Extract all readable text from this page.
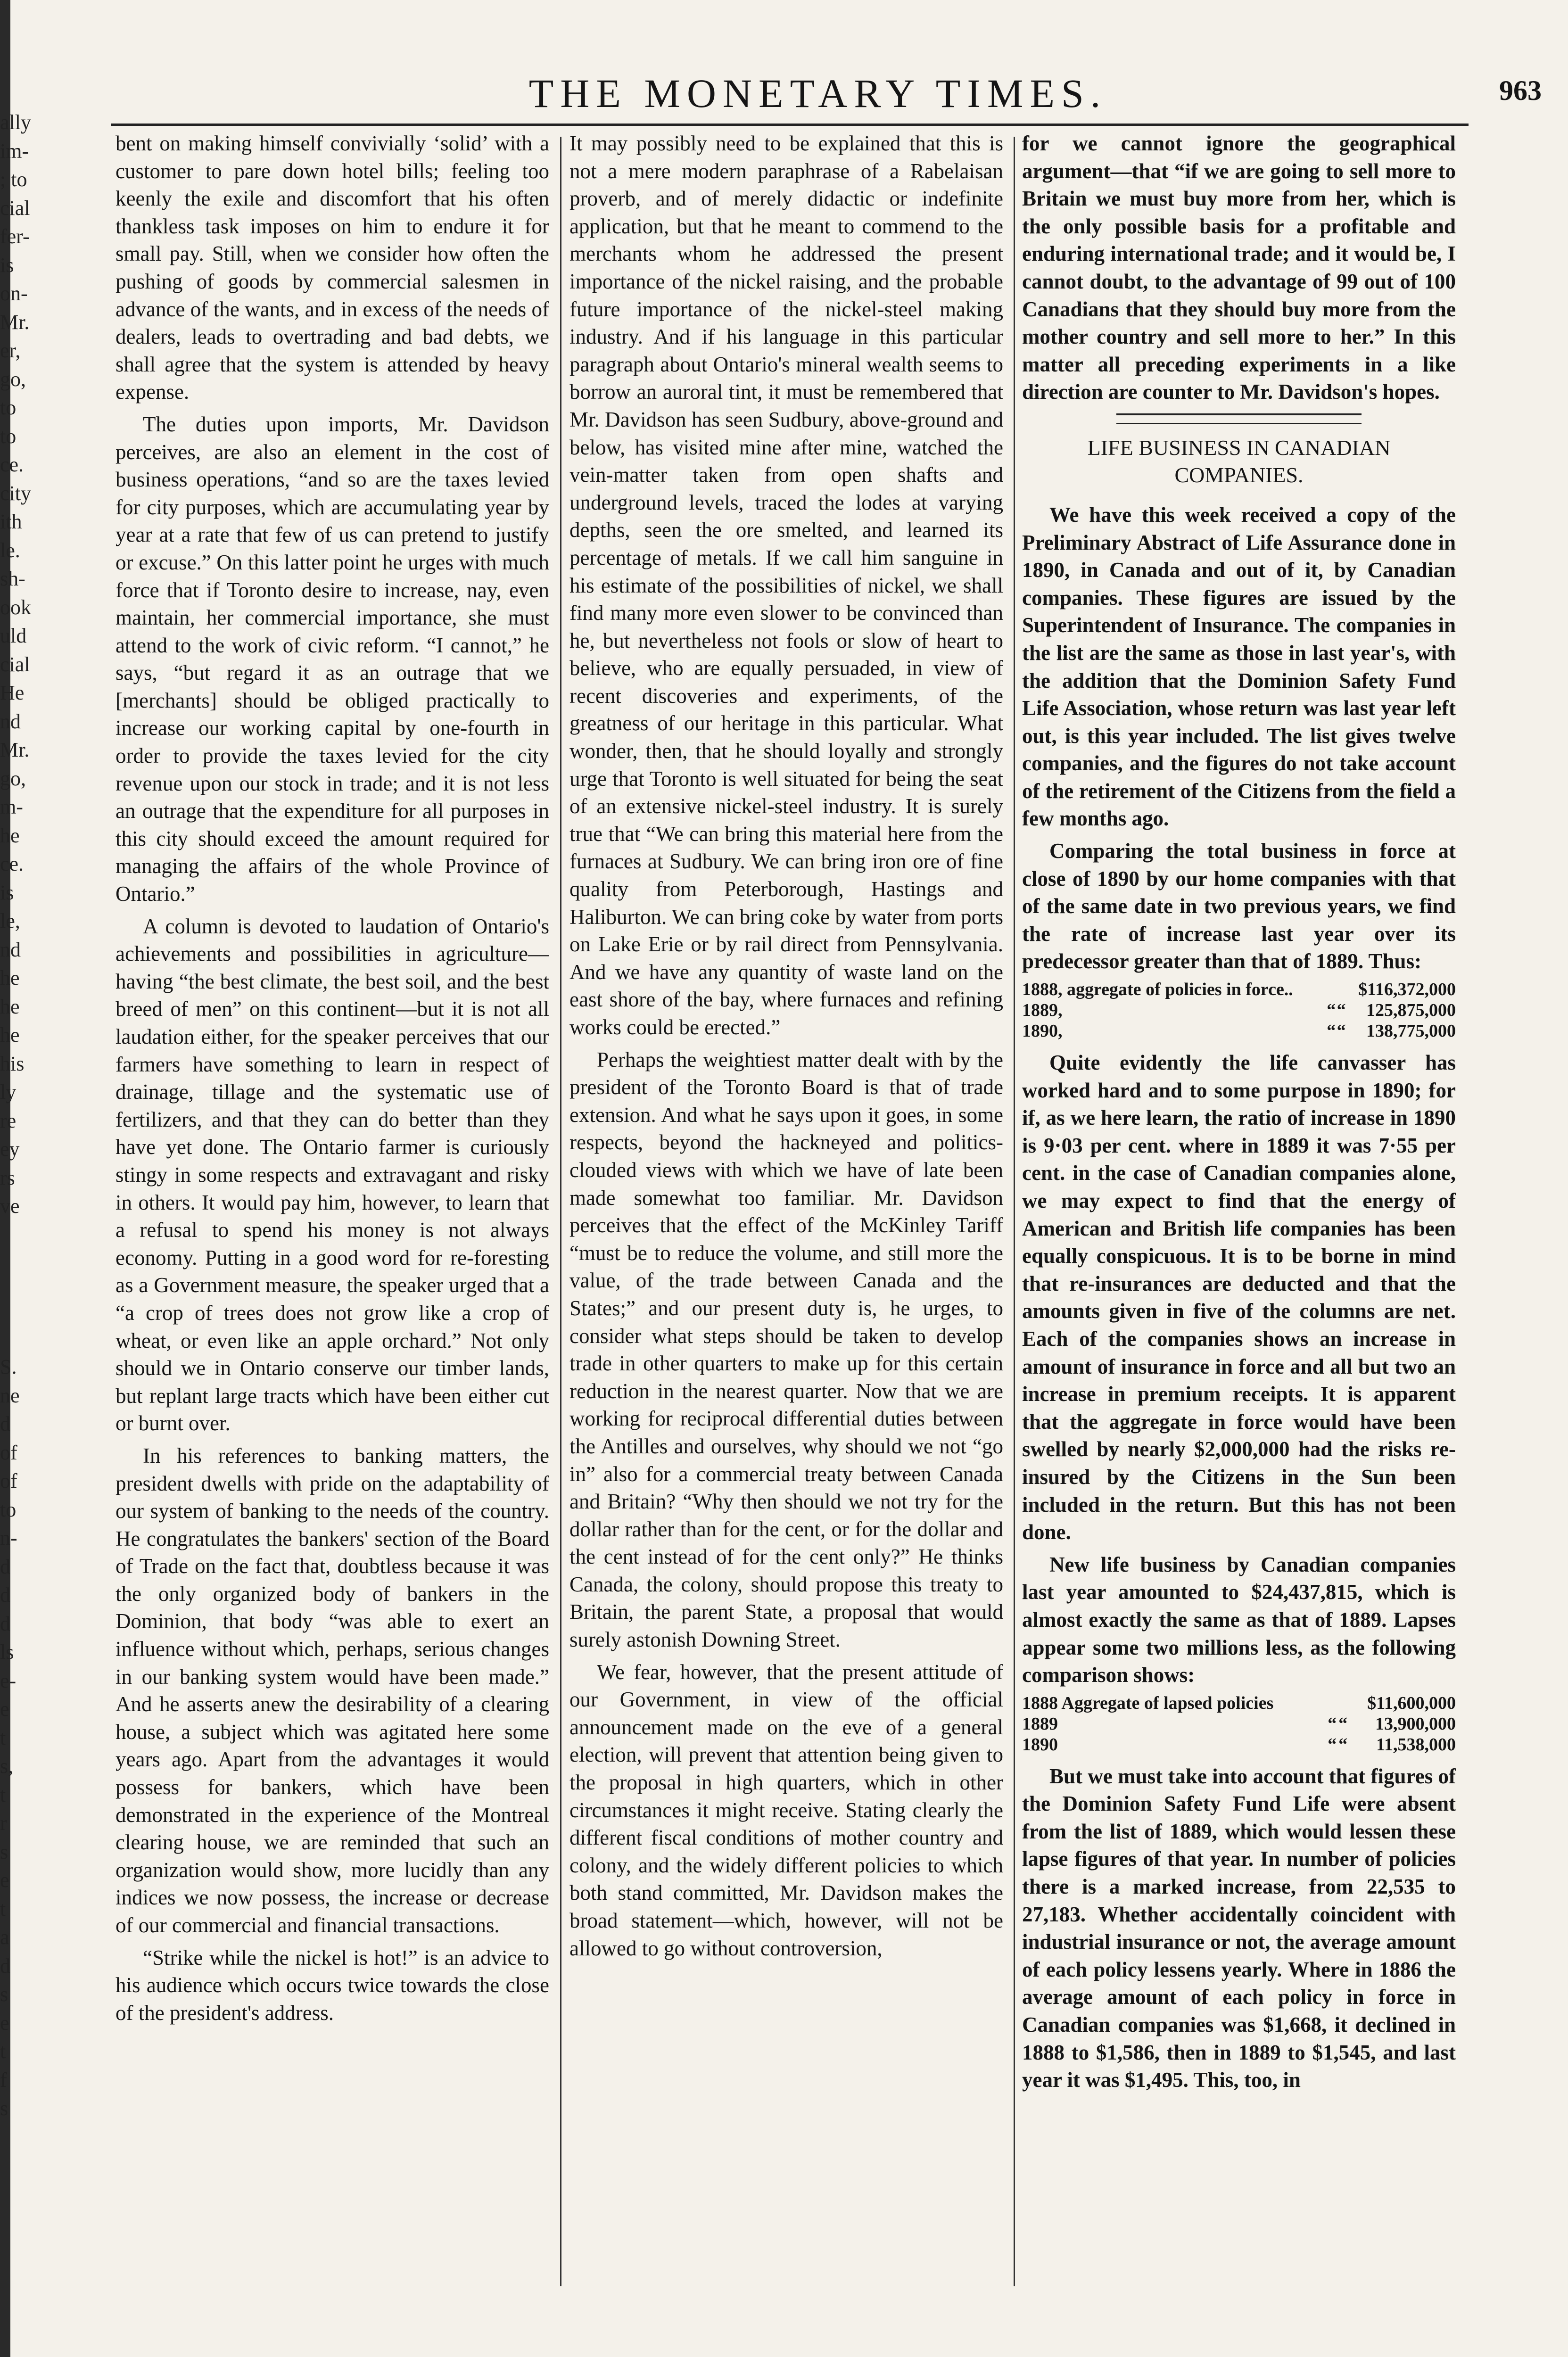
ally
im-
; to
cial
fer-
is
on-
Mr.
er,
go,
to
to
ce.
city
ith
le.
sh-
ook
uld
cial
He
nd
Mr.
go,
m-
he
ce.
is
le,
nd
he
he
he
his
ly
re
ey
rs
ve
S.
ne
d
of
of
to
n-
d
d
d
ls
e-
e
t
s,
t
r
s
e
t
a
d
s
e
t
f
s
THE MONETARY TIMES.	963

bent on making himself convivially ‘solid’ with a customer to pare down hotel bills; feeling too keenly the exile and discomfort that his often thankless task imposes on him to endure it for small pay. Still, when we consider how often the pushing of goods by commercial salesmen in advance of the wants, and in excess of the needs of dealers, leads to overtrading and bad debts, we shall agree that the system is attended by heavy expense.

The duties upon imports, Mr. Davidson perceives, are also an element in the cost of business operations, “and so are the taxes levied for city purposes, which are accumulating year by year at a rate that few of us can pretend to justify or excuse.” On this latter point he urges with much force that if Toronto desire to increase, nay, even maintain, her commercial importance, she must attend to the work of civic reform. “I cannot,” he says, “but regard it as an outrage that we [merchants] should be obliged practically to increase our working capital by one-fourth in order to provide the taxes levied for the city revenue upon our stock in trade; and it is not less an outrage that the expenditure for all purposes in this city should exceed the amount required for managing the affairs of the whole Province of Ontario.”

A column is devoted to laudation of Ontario's achievements and possibilities in agriculture—having “the best climate, the best soil, and the best breed of men” on this continent—but it is not all laudation either, for the speaker perceives that our farmers have something to learn in respect of drainage, tillage and the systematic use of fertilizers, and that they can do better than they have yet done. The Ontario farmer is curiously stingy in some respects and extravagant and risky in others. It would pay him, however, to learn that a refusal to spend his money is not always economy. Putting in a good word for re-foresting as a Government measure, the speaker urged that a “a crop of trees does not grow like a crop of wheat, or even like an apple orchard.” Not only should we in Ontario conserve our timber lands, but replant large tracts which have been either cut or burnt over.

In his references to banking matters, the president dwells with pride on the adaptability of our system of banking to the needs of the country. He congratulates the bankers' section of the Board of Trade on the fact that, doubtless because it was the only organized body of bankers in the Dominion, that body “was able to exert an influence without which, perhaps, serious changes in our banking system would have been made.” And he asserts anew the desirability of a clearing house, a subject which was agitated here some years ago. Apart from the advantages it would possess for bankers, which have been demonstrated in the experience of the Montreal clearing house, we are reminded that such an organization would show, more lucidly than any indices we now possess, the increase or decrease of our commercial and financial transactions.

“Strike while the nickel is hot!” is an advice to his audience which occurs twice towards the close of the president's address.

It may possibly need to be explained that this is not a mere modern paraphrase of a Rabelaisan proverb, and of merely didactic or indefinite application, but that he meant to commend to the merchants whom he addressed the present importance of the nickel raising, and the probable future importance of the nickel-steel making industry. And if his language in this particular paragraph about Ontario's mineral wealth seems to borrow an auroral tint, it must be remembered that Mr. Davidson has seen Sudbury, above-ground and below, has visited mine after mine, watched the vein-matter taken from open shafts and underground levels, traced the lodes at varying depths, seen the ore smelted, and learned its percentage of metals. If we call him sanguine in his estimate of the possibilities of nickel, we shall find many more even slower to be convinced than he, but nevertheless not fools or slow of heart to believe, who are equally persuaded, in view of recent discoveries and experiments, of the greatness of our heritage in this particular. What wonder, then, that he should loyally and strongly urge that Toronto is well situated for being the seat of an extensive nickel-steel industry. It is surely true that “We can bring this material here from the furnaces at Sudbury. We can bring iron ore of fine quality from Peterborough, Hastings and Haliburton. We can bring coke by water from ports on Lake Erie or by rail direct from Pennsylvania. And we have any quantity of waste land on the east shore of the bay, where furnaces and refining works could be erected.”

Perhaps the weightiest matter dealt with by the president of the Toronto Board is that of trade extension. And what he says upon it goes, in some respects, beyond the hackneyed and politics-clouded views with which we have of late been made somewhat too familiar. Mr. Davidson perceives that the effect of the McKinley Tariff “must be to reduce the volume, and still more the value, of the trade between Canada and the States;” and our present duty is, he urges, to consider what steps should be taken to develop trade in other quarters to make up for this certain reduction in the nearest quarter. Now that we are working for reciprocal differential duties between the Antilles and ourselves, why should we not “go in” also for a commercial treaty between Canada and Britain? “Why then should we not try for the dollar rather than for the cent, or for the dollar and the cent instead of for the cent only?” He thinks Canada, the colony, should propose this treaty to Britain, the parent State, a proposal that would surely astonish Downing Street.

We fear, however, that the present attitude of our Government, in view of the official announcement made on the eve of a general election, will prevent that attention being given to the proposal in high quarters, which in other circumstances it might receive. Stating clearly the different fiscal conditions of mother country and colony, and the widely different policies to which both stand committed, Mr. Davidson makes the broad statement—which, however, will not be allowed to go without controversion,

for we cannot ignore the geographical argument—that “if we are going to sell more to Britain we must buy more from her, which is the only possible basis for a profitable and enduring international trade; and it would be, I cannot doubt, to the advantage of 99 out of 100 Canadians that they should buy more from the mother country and sell more to her.” In this matter all preceding experiments in a like direction are counter to Mr. Davidson's hopes.

LIFE BUSINESS IN CANADIAN COMPANIES.

We have this week received a copy of the Preliminary Abstract of Life Assurance done in 1890, in Canada and out of it, by Canadian companies. These figures are issued by the Superintendent of Insurance. The companies in the list are the same as those in last year's, with the addition that the Dominion Safety Fund Life Association, whose return was last year left out, is this year included. The list gives twelve companies, and the figures do not take account of the retirement of the Citizens from the field a few months ago.

Comparing the total business in force at close of 1890 by our home companies with that of the same date in two previous years, we find the rate of increase last year over its predecessor greater than that of 1889. Thus:

1888, aggregate of policies in force..			$116,372,000
1889,	“	“	125,875,000
1890,	“	“	138,775,000

Quite evidently the life canvasser has worked hard and to some purpose in 1890; for if, as we here learn, the ratio of increase in 1890 is 9·03 per cent. where in 1889 it was 7·55 per cent. in the case of Canadian companies alone, we may expect to find that the energy of American and British life companies has been equally conspicuous. It is to be borne in mind that re-insurances are deducted and that the amounts given in five of the columns are net. Each of the companies shows an increase in amount of insurance in force and all but two an increase in premium receipts. It is apparent that the aggregate in force would have been swelled by nearly $2,000,000 had the risks re-insured by the Citizens in the Sun been included in the return. But this has not been done.

New life business by Canadian companies last year amounted to $24,437,815, which is almost exactly the same as that of 1889. Lapses appear some two millions less, as the following comparison shows:

1888 Aggregate of lapsed policies			$11,600,000
1889	“	“	13,900,000
1890	“	“	11,538,000

But we must take into account that figures of the Dominion Safety Fund Life were absent from the list of 1889, which would lessen these lapse figures of that year. In number of policies there is a marked increase, from 22,535 to 27,183. Whether accidentally coincident with industrial insurance or not, the average amount of each policy lessens yearly. Where in 1886 the average amount of each policy in force in Canadian companies was $1,668, it declined in 1888 to $1,586, then in 1889 to $1,545, and last year it was $1,495. This, too, in
